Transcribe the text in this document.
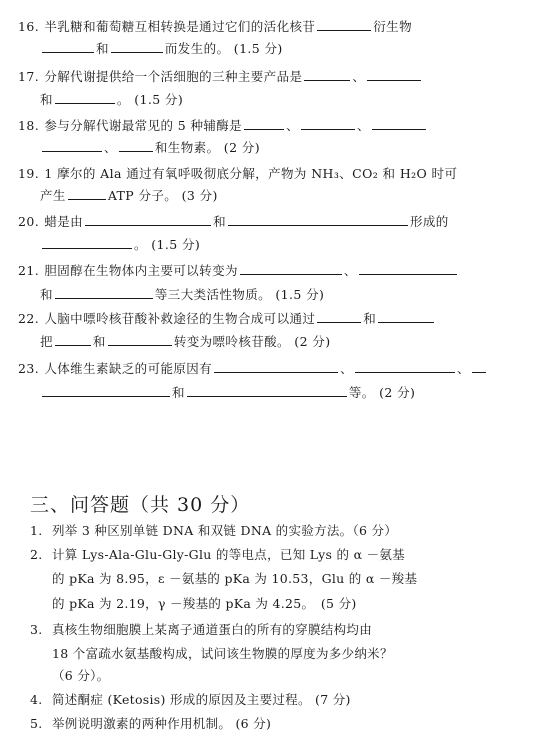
16. 半乳糖和葡萄糖互相转换是通过它们的活化核苷	衍生物
和	而发生的。 (1.5 分)
17. 分解代谢提供给一个活细胞的三种主要产品是	、
和	。 (1.5 分)
18. 参与分解代谢最常见的 5 种辅酶是	、	、
、	和生物素。 (2 分)
19. 1 摩尔的 Ala 通过有氧呼吸彻底分解，产物为 NH₃、CO₂ 和 H₂O 时可
产生	ATP 分子。 (3 分)
20. 蜡是由	和	形成的
。 (1.5 分)
21. 胆固醇在生物体内主要可以转变为	、
和	等三大类活性物质。 (1.5 分)
22. 人脑中嘌呤核苷酸补救途径的生物合成可以通过	和
把	和	转变为嘌呤核苷酸。 (2 分)
23. 人体维生素缺乏的可能原因有	、	、
和	等。 (2 分)
三、问答题（共 30 分）
1. 列举 3 种区别单链 DNA 和双链 DNA 的实验方法。（6 分）
2. 计算 Lys-Ala-Glu-Gly-Glu 的等电点，已知 Lys 的 α －氨基
的 pKa 为 8.95，ε －氨基的 pKa 为 10.53，Glu 的 α －羧基
的 pKa 为 2.19，γ －羧基的 pKa 为 4.25。　(5 分)
3. 真核生物细胞膜上某离子通道蛋白的所有的穿膜结构均由
18 个富疏水氨基酸构成，试问该生物膜的厚度为多少纳米？
（6 分）。
4. 简述酮症 (Ketosis) 形成的原因及主要过程。 (7 分)
5. 举例说明激素的两种作用机制。 (6 分)
